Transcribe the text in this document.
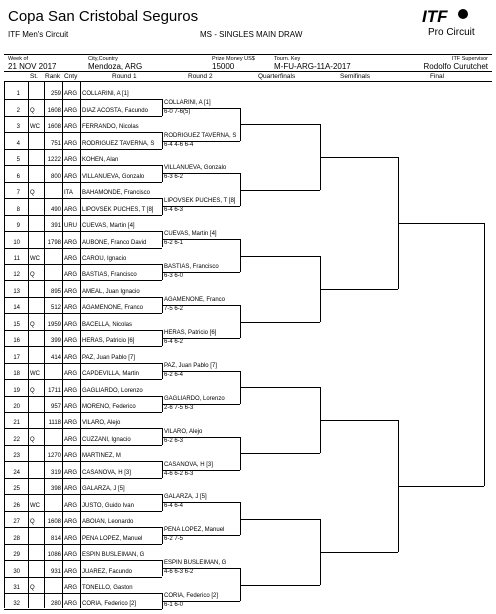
Copa San Cristobal Seguros
ITF Men's Circuit	MS - SINGLES MAIN DRAW
ITF
Pro Circuit
Week of
21 NOV 2017
City,Country
Mendoza, ARG
Prize Money US$
15000
Tourn. Key
M-FU-ARG-11A-2017
ITF Supervisor
Rodolfo Curutchet
St. Rank Cnty	Round 1	Round 2	Quarterfinals	Semifinals	Final
1	259 ARG COLLARINI, A [1]
2 Q	1608 ARG DIAZ ACOSTA, Facundo
3 WC	1608 ARG FERRANDO, Nicolas
4	751 ARG RODRIGUEZ TAVERNA, S
5	1222 ARG KOHEN, Alan
6	800 ARG VILLANUEVA, Gonzalo
7 Q	ITA BAHAMONDE, Francisco
8	490 ARG LIPOVSEK PUCHES, T [8]
9	391 URU CUEVAS, Martin [4]
10	1798 ARG AUBONE, Franco David
11 WC	ARG CAROU, Ignacio
12 Q	ARG BASTIAS, Francisco
13	895 ARG AMEAL, Juan Ignacio
14	512 ARG AGAMENONE, Franco
15 Q	1959 ARG BACELLA, Nicolas
16	399 ARG HERAS, Patricio [6]
17	414 ARG PAZ, Juan Pablo [7]
18 WC	ARG CAPDEVILLA, Martin
19 Q	1711 ARG GAGLIARDO, Lorenzo
20	957 ARG MORENO, Federico
21	1118 ARG VILARO, Alejo
22 Q	ARG CUZZANI, Ignacio
23	1270 ARG MARTINEZ, M
24	319 ARG CASANOVA, H [3]
25	398 ARG GALARZA, J [5]
26 WC	ARG JUSTO, Guido Ivan
27 Q	1608 ARG ABOIAN, Leonardo
28	814 ARG PENA LOPEZ, Manuel
29	1086 ARG ESPIN BUSLEIMAN, G
30	931 ARG JUAREZ, Facundo
31 Q	ARG TONELLO, Gaston
32	280 ARG CORIA, Federico [2]
COLLARINI, A [1]
6-0 7-6(5)
RODRIGUEZ TAVERNA, S
6-4 4-6 6-4
VILLANUEVA, Gonzalo
6-3 6-2
LIPOVSEK PUCHES, T [8]
6-4 6-3
CUEVAS, Martin [4]
6-2 6-1
BASTIAS, Francisco
6-3 6-0
AGAMENONE, Franco
7-5 6-2
HERAS, Patricio [6]
6-4 6-2
PAZ, Juan Pablo [7]
6-2 6-4
GAGLIARDO, Lorenzo
2-6 7-5 6-3
VILARO, Alejo
6-2 6-3
CASANOVA, H [3]
4-6 6-2 6-3
GALARZA, J [5]
6-4 6-4
PENA LOPEZ, Manuel
6-2 7-5
ESPIN BUSLEIMAN, G
4-6 6-3 6-2
CORIA, Federico [2]
6-1 6-0
